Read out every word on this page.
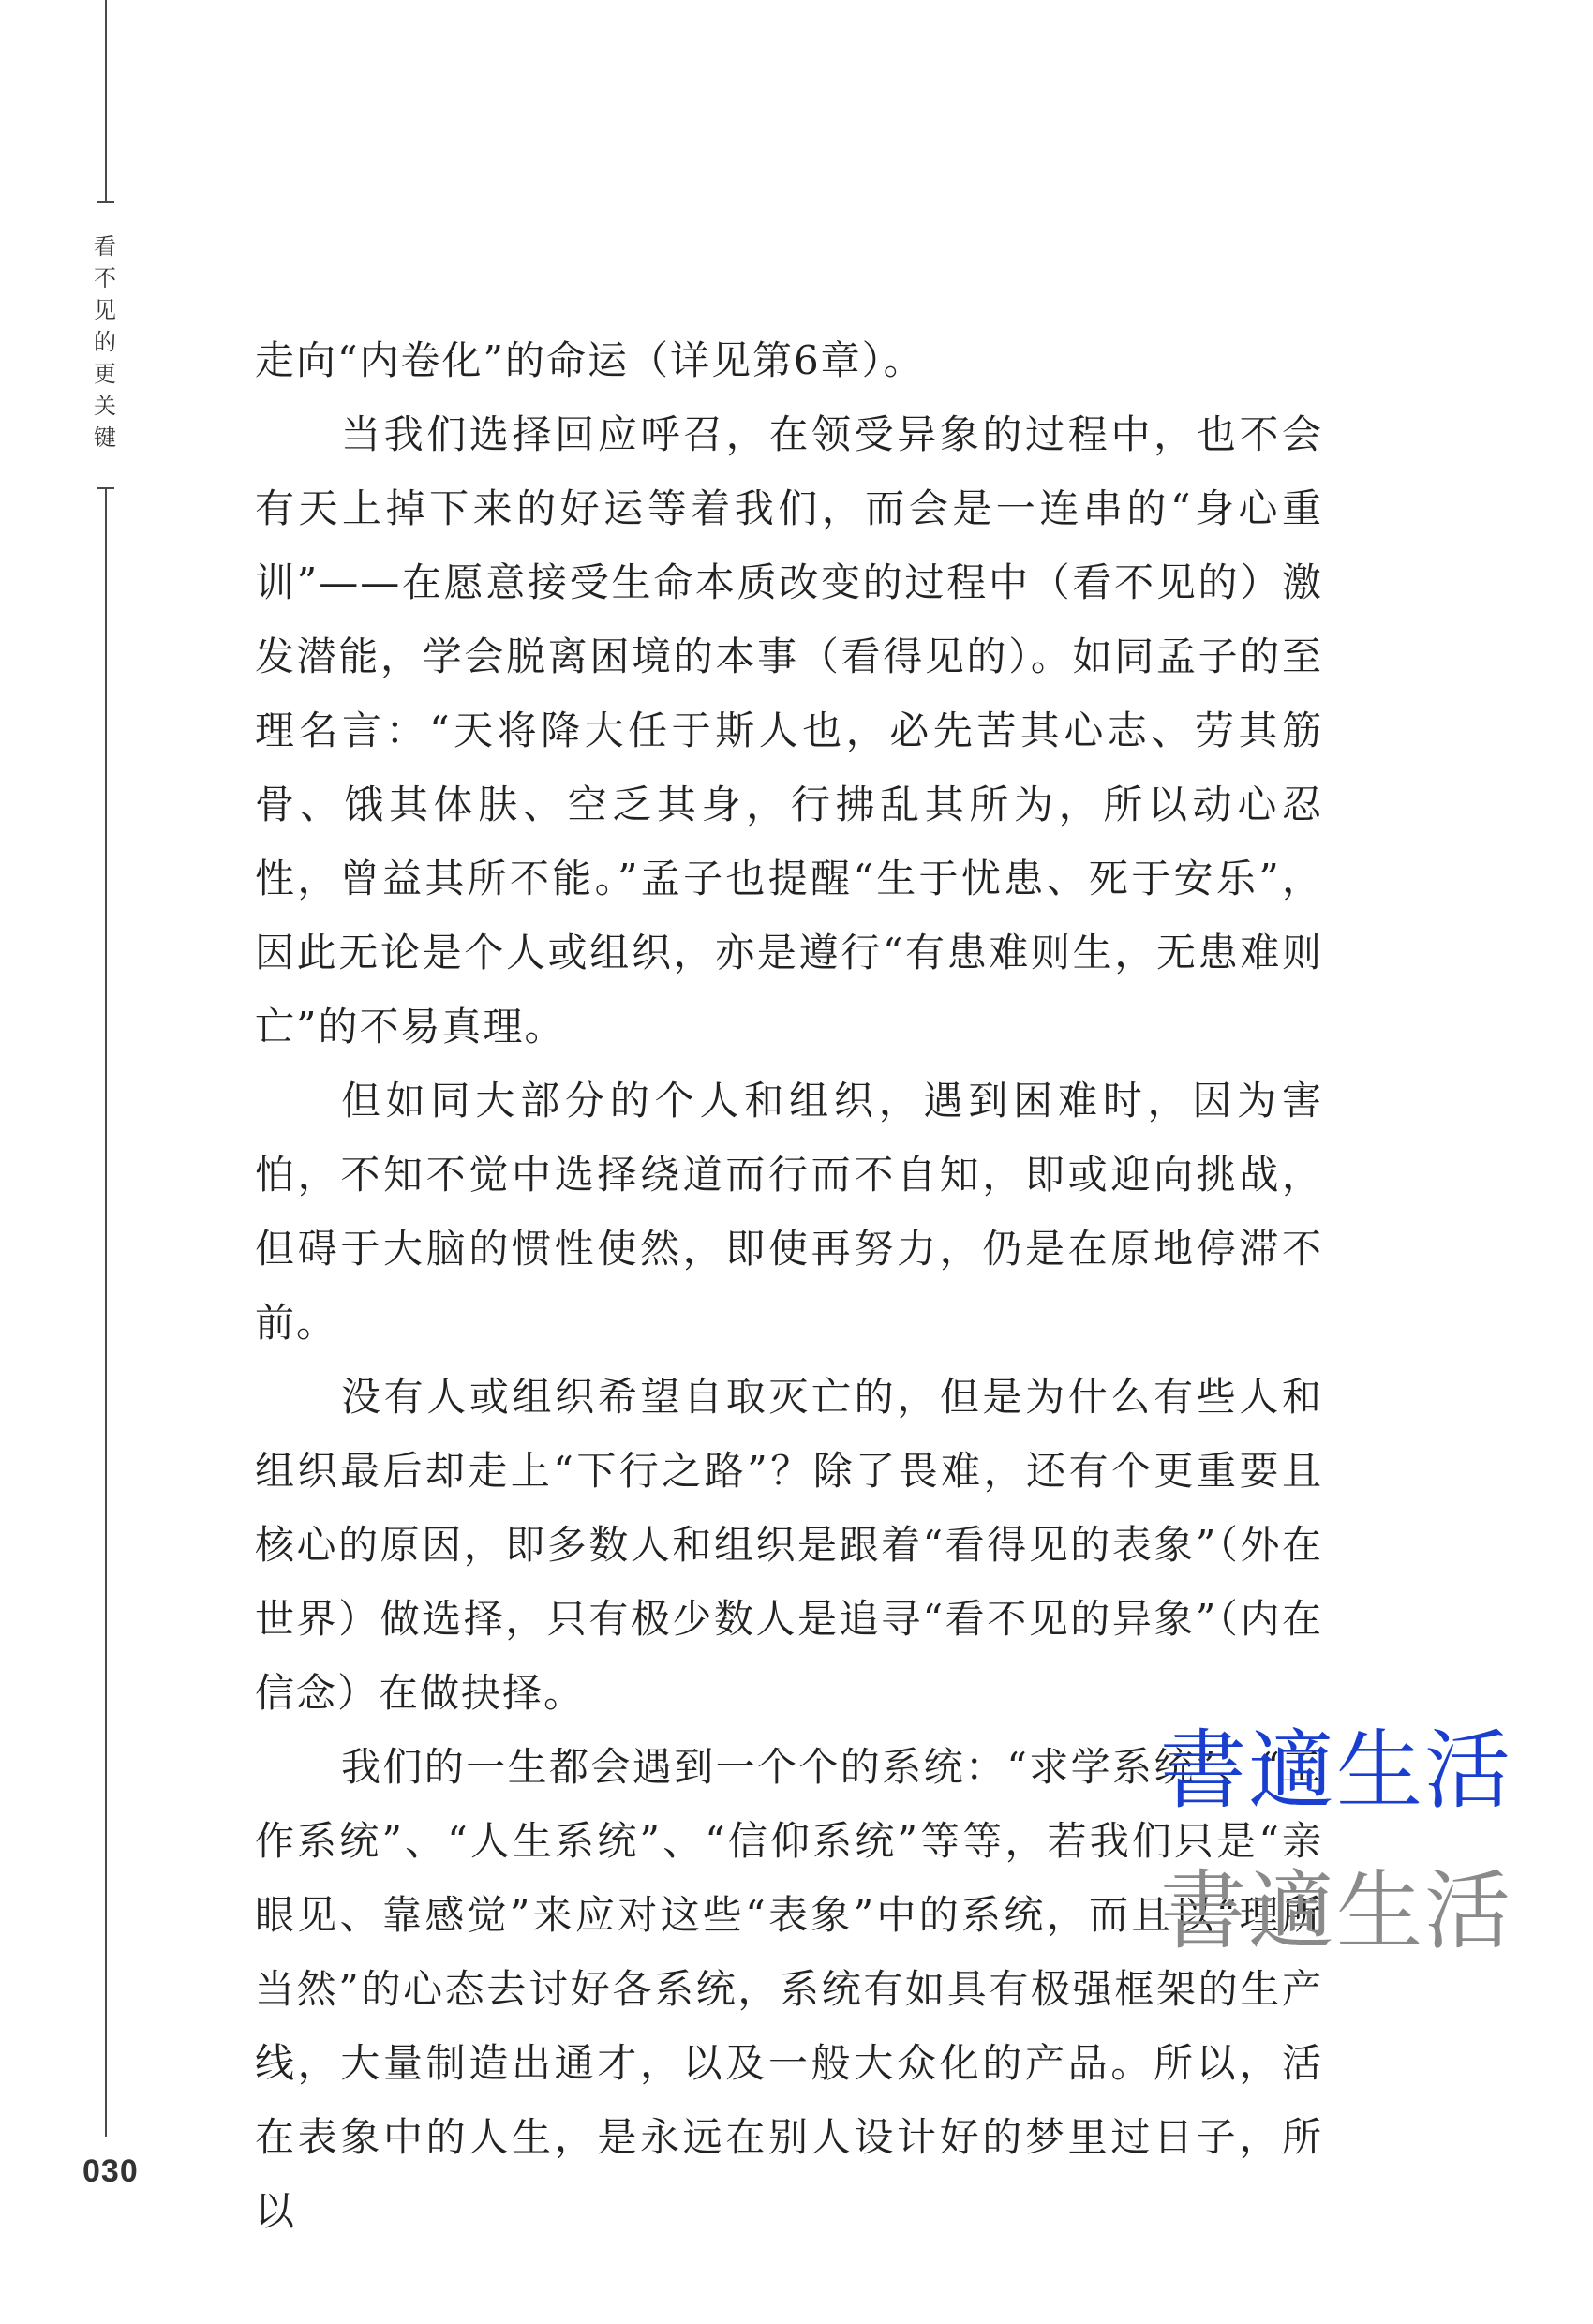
看
不
见
的
更
关
键
030

走向“内卷化”的命运（详见第6章）。

当我们选择回应呼召，在领受异象的过程中，也不会有天上掉下来的好运等着我们，而会是一连串的“身心重训”——在愿意接受生命本质改变的过程中（看不见的）激发潜能，学会脱离困境的本事（看得见的）。如同孟子的至理名言：“天将降大任于斯人也，必先苦其心志、劳其筋骨、饿其体肤、空乏其身，行拂乱其所为，所以动心忍性，曾益其所不能。”孟子也提醒“生于忧患、死于安乐”，因此无论是个人或组织，亦是遵行“有患难则生，无患难则亡”的不易真理。

但如同大部分的个人和组织，遇到困难时，因为害怕，不知不觉中选择绕道而行而不自知，即或迎向挑战，但碍于大脑的惯性使然，即使再努力，仍是在原地停滞不前。

没有人或组织希望自取灭亡的，但是为什么有些人和组织最后却走上“下行之路”？除了畏难，还有个更重要且核心的原因，即多数人和组织是跟着“看得见的表象”（外在世界）做选择，只有极少数人是追寻“看不见的异象”（内在信念）在做抉择。

我们的一生都会遇到一个个的系统：“求学系统”、“工作系统”、“人生系统”、“信仰系统”等等，若我们只是“亲眼见、靠感觉”来应对这些“表象”中的系统，而且以“理所当然”的心态去讨好各系统，系统有如具有极强框架的生产线，大量制造出通才，以及一般大众化的产品。所以，活在表象中的人生，是永远在别人设计好的梦里过日子，所以

書適生活
書適生活
